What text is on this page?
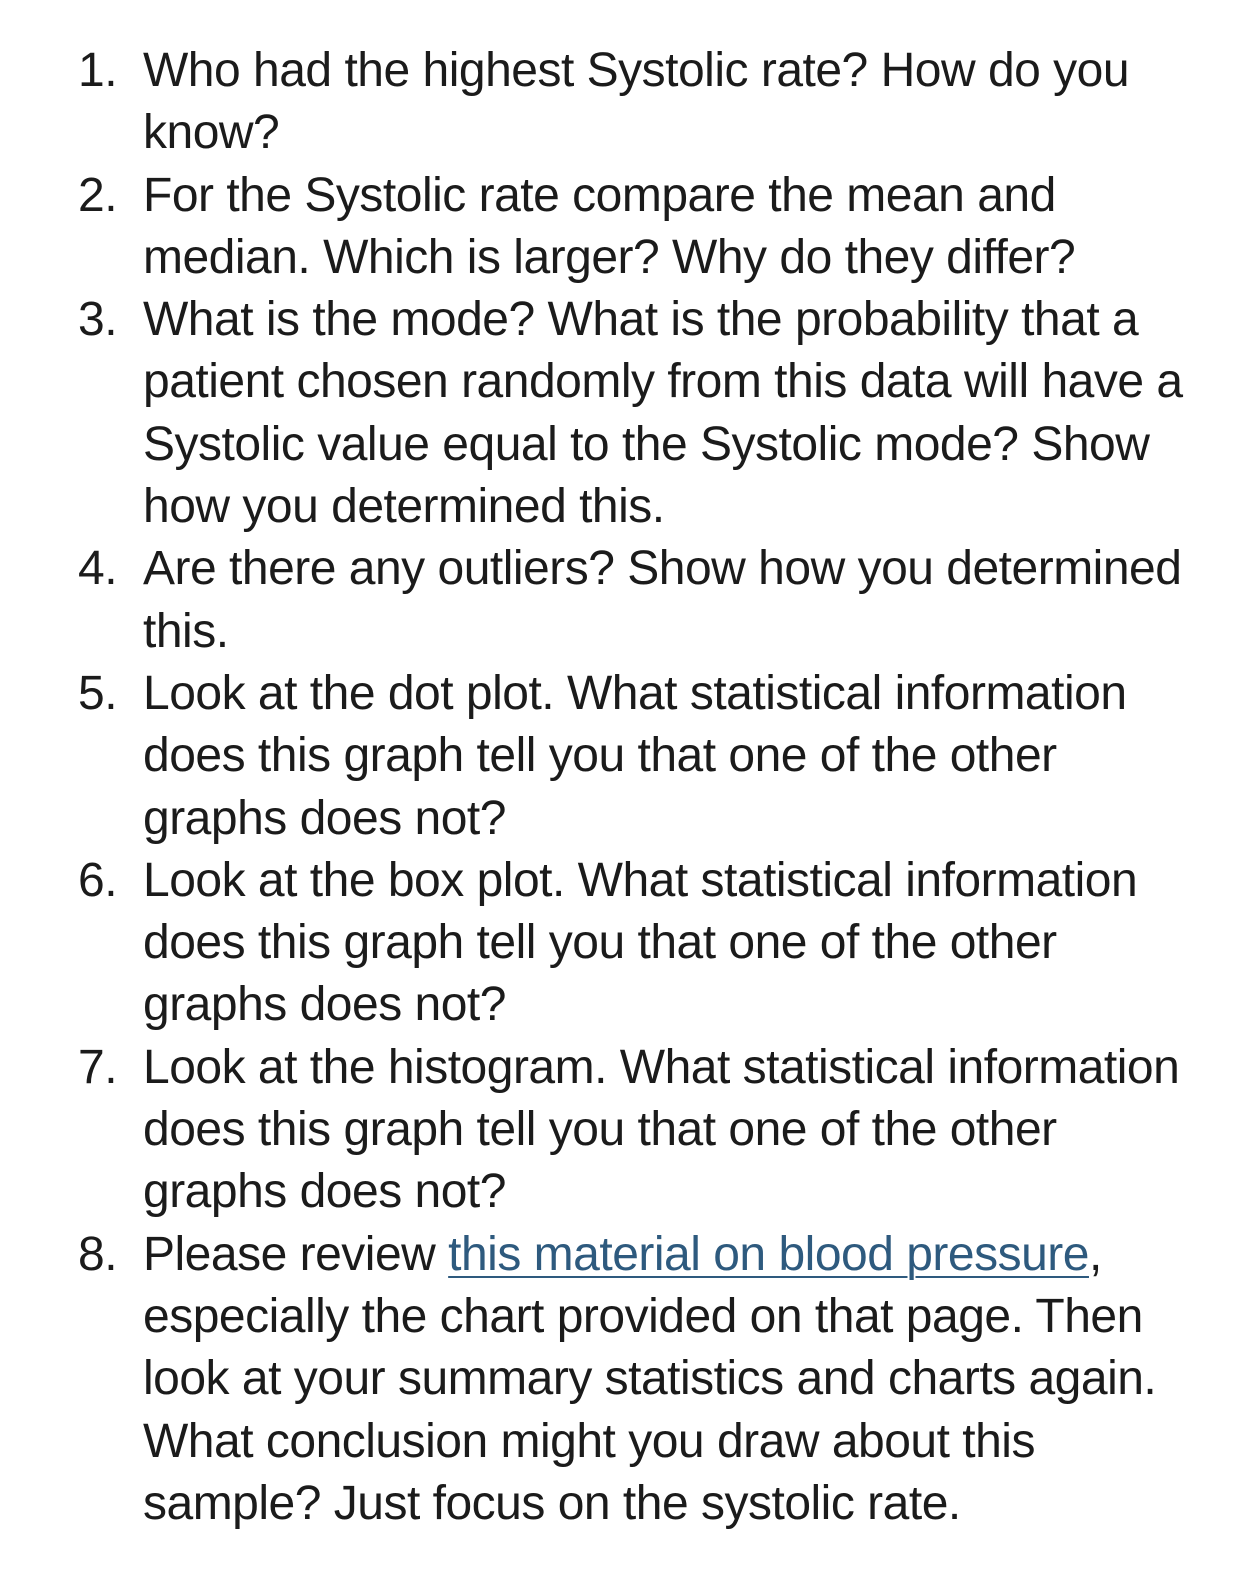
1. Who had the highest Systolic rate? How do you know?
2. For the Systolic rate compare the mean and median. Which is larger? Why do they differ?
3. What is the mode? What is the probability that a patient chosen randomly from this data will have a Systolic value equal to the Systolic mode? Show how you determined this.
4. Are there any outliers? Show how you determined this.
5. Look at the dot plot. What statistical information does this graph tell you that one of the other graphs does not?
6. Look at the box plot. What statistical information does this graph tell you that one of the other graphs does not?
7. Look at the histogram. What statistical information does this graph tell you that one of the other graphs does not?
8. Please review this material on blood pressure, especially the chart provided on that page. Then look at your summary statistics and charts again. What conclusion might you draw about this sample? Just focus on the systolic rate.
